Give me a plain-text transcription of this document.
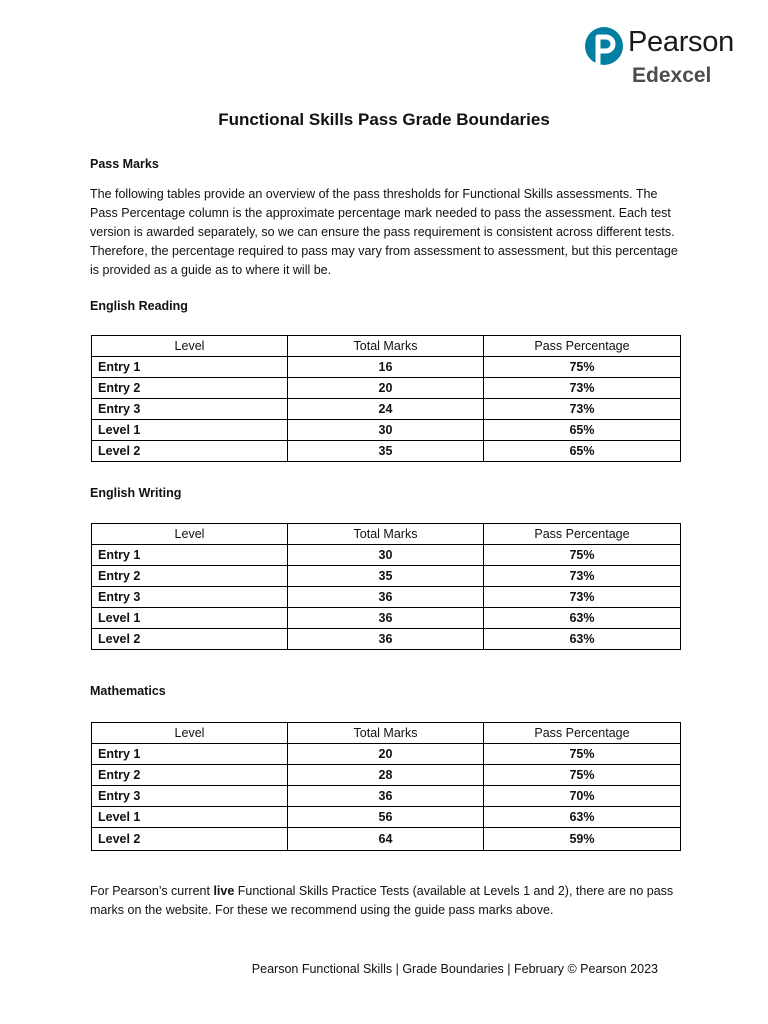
Pearson
Edexcel
Functional Skills Pass Grade Boundaries
Pass Marks

The following tables provide an overview of the pass thresholds for Functional Skills assessments. The Pass Percentage column is the approximate percentage mark needed to pass the assessment. Each test version is awarded separately, so we can ensure the pass requirement is consistent across different tests. Therefore, the percentage required to pass may vary from assessment to assessment, but this percentage is provided as a guide as to where it will be.

English Reading
Level	Total Marks	Pass Percentage
Entry 1	16	75%
Entry 2	20	73%
Entry 3	24	73%
Level 1	30	65%
Level 2	35	65%
English Writing
Level	Total Marks	Pass Percentage
Entry 1	30	75%
Entry 2	35	73%
Entry 3	36	73%
Level 1	36	63%
Level 2	36	63%
Mathematics
Level	Total Marks	Pass Percentage
Entry 1	20	75%
Entry 2	28	75%
Entry 3	36	70%
Level 1	56	63%
Level 2	64	59%

For Pearson’s current live Functional Skills Practice Tests (available at Levels 1 and 2), there are no pass marks on the website. For these we recommend using the guide pass marks above.

Pearson Functional Skills | Grade Boundaries | February © Pearson 2023
